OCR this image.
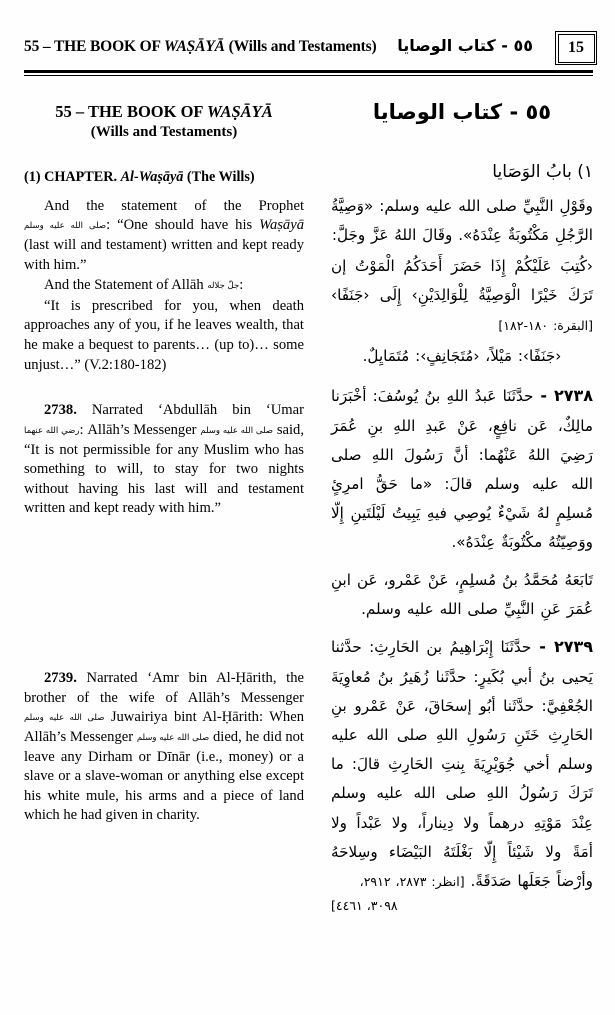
55 – THE BOOK OF WAṢĀYĀ (Wills and Testaments) ٥٥ - كتاب الوصايا	15
55 – THE BOOK OF WAṢĀYĀ
(Wills and Testaments)
(1) CHAPTER. Al-Waṣāyā (The Wills)
And the statement of the Prophet صلى الله عليه وسلم: “One should have his Waṣāyā (last will and testament) written and kept ready with him.”
And the Statement of Allāh جلّ جلاله:
“It is prescribed for you, when death approaches any of you, if he leaves wealth, that he make a bequest to parents… (up to)… some unjust…” (V.2:180-182)
2738. Narrated ‘Abdullāh bin ‘Umar رضي الله عنهما: Allāh’s Messenger صلى الله عليه وسلم said, “It is not permissible for any Muslim who has something to will, to stay for two nights without having his last will and testament written and kept ready with him.”
2739. Narrated ‘Amr bin Al-Ḥārith, the brother of the wife of Allāh’s Messenger صلى الله عليه وسلم Juwairiya bint Al-Ḥārith: When Allāh’s Messenger صلى الله عليه وسلم died, he did not leave any Dirham or Dīnār (i.e., money) or a slave or a slave-woman or anything else except his white mule, his arms and a piece of land which he had given in charity.
٥٥ - كتاب الوصايا
١) بابُ الوَصَايا
وقَوْلِ النَّبِيِّ صلى الله عليه وسلم: «وَصِيَّةُ الرَّجُلِ مَكْتُوبَةٌ عِنْدَهُ». وقَالَ اللهُ عَزَّ وجَلَّ:
‹كُتِبَ عَلَيْكُمْ إِذَا حَضَرَ أَحَدَكُمُ الْمَوْتُ إن تَرَكَ خَيْرًا الْوَصِيَّةُ لِلْوَالِدَيْنِ› إِلَى ‹جَنَفًا› [البقرة: ١٨٠-١٨٢]
‹جَنَفًا›: مَيْلاً، ‹مُتَجَانِفٍ›: مُتَمَايِلٌ.
٢٧٣٨ - حدَّثَنَا عَبدُ اللهِ بنُ يُوسُفَ: أخْبَرَنا مالِكٌ، عَن نافِعٍ، عَنْ عَبدِ اللهِ بنِ عُمَرَ رَضِيَ اللهُ عَنْهُما: أنَّ رَسُولَ اللهِ صلى الله عليه وسلم قالَ: «ما حَقُّ امرِئٍ مُسلِمٍ لهُ شَيْءٌ يُوصِي فيهِ يَبِيتُ لَيْلَتَينِ إِلّا ووَصِيّتُهُ مكْتُوبَةٌ عِنْدَهُ».
تَابَعَهُ مُحَمَّدُ بنُ مُسلِمٍ، عَنْ عَمْرو، عَن ابنِ عُمَرَ عَنِ النَّبِيِّ صلى الله عليه وسلم.
٢٧٣٩ - حدَّثَنَا إِبْرَاهِيمُ بن الحَارِثِ: حدَّثنا يَحيى بنُ أبي بُكَيرٍ: حدَّثَنا زُهَيرُ بنُ مُعاوِيَةَ الجُعْفِيَّ: حدَّثَنا أبُو إسحَاقَ، عَنْ عَمْرو بنِ الحَارِثِ خَتَنِ رَسُولِ اللهِ صلى الله عليه وسلم أخي جُوَيْرِيَةَ بِنتِ الحَارِثِ قالَ: ما تَرَكَ رَسُولُ اللهِ صلى الله عليه وسلم عِنْدَ مَوْتِهِ درهماً ولا دِيناراً، ولا عَبْداً ولا أمَةً ولا شَيْئاً إِلّا بَغْلَتَهُ البَيْضَاء وسِلاحَهُ وأرْضاً جَعَلَها صَدَقَةً. [انظر: ٢٨٧٣، ٢٩١٢،
٣٠٩٨، ٤٤٦١]
